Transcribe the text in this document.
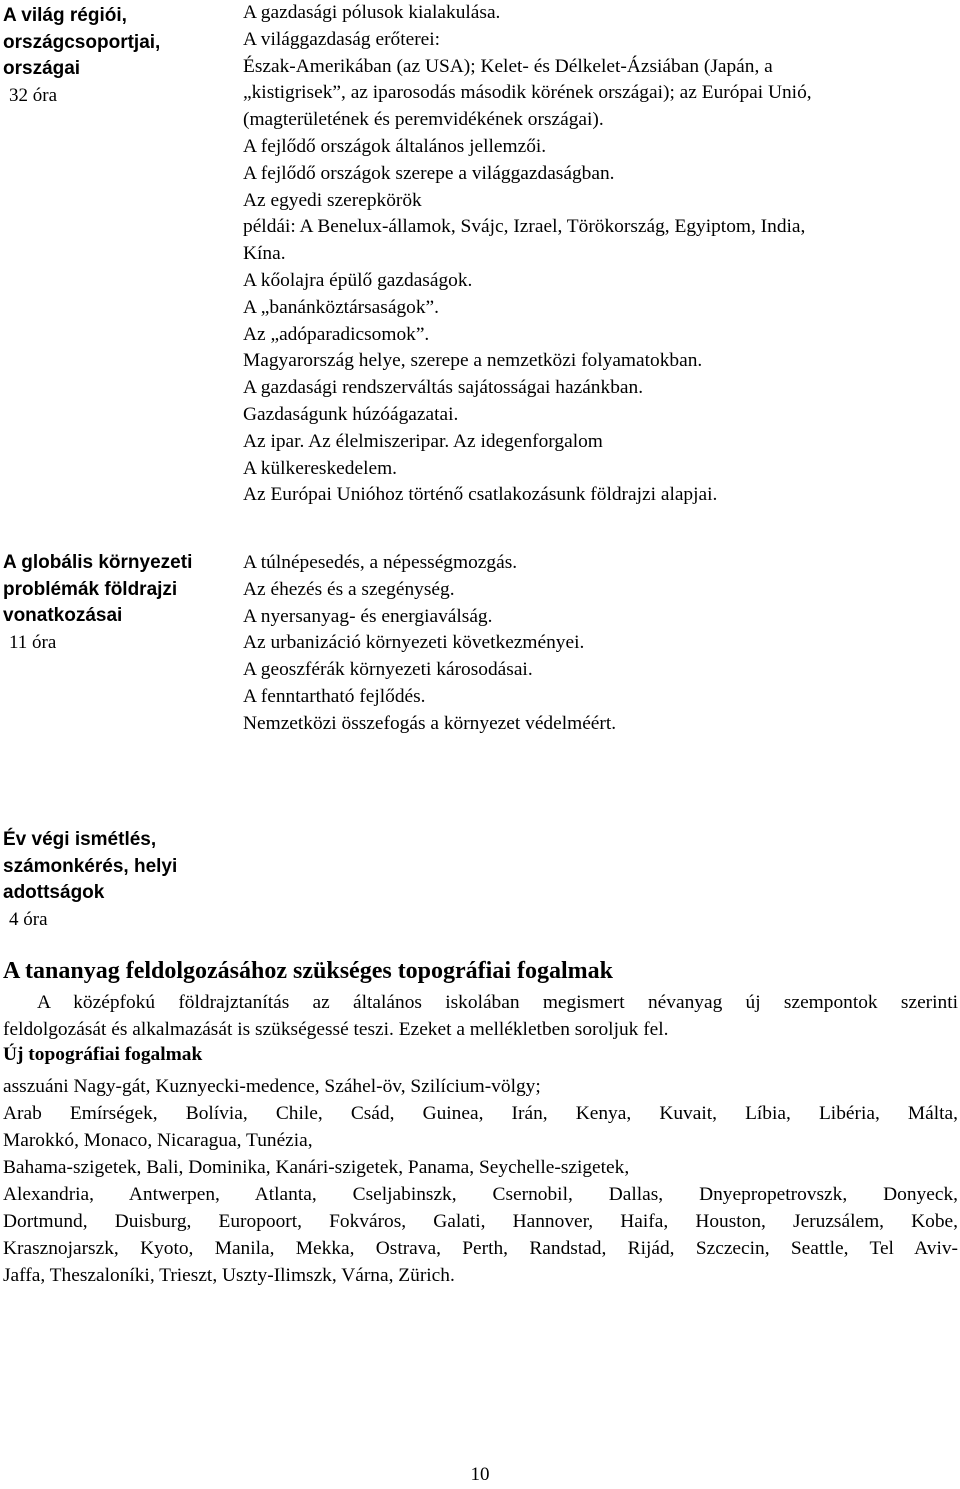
A világ régiói,
országcsoportjai,
országai
32 óra
A gazdasági pólusok kialakulása.
A világgazdaság erőterei:
Észak-Amerikában (az USA); Kelet- és Délkelet-Ázsiában (Japán, a
„kistigrisek”, az iparosodás második körének országai); az Európai Unió,
(magterületének és peremvidékének országai).
A fejlődő országok általános jellemzői.
A fejlődő országok szerepe a világgazdaságban.
Az egyedi szerepkörök
példái: A Benelux-államok, Svájc, Izrael, Törökország, Egyiptom, India,
Kína.
A kőolajra épülő gazdaságok.
A „banánköztársaságok”.
Az „adóparadicsomok”.
Magyarország helye, szerepe a nemzetközi folyamatokban.
A gazdasági rendszerváltás sajátosságai hazánkban.
Gazdaságunk húzóágazatai.
Az ipar. Az élelmiszeripar. Az idegenforgalom
A külkereskedelem.
Az Európai Unióhoz történő csatlakozásunk földrajzi alapjai.
A globális környezeti
problémák földrajzi
vonatkozásai
11 óra
A túlnépesedés, a népességmozgás.
Az éhezés és a szegénység.
A nyersanyag- és energiaválság.
Az urbanizáció környezeti következményei.
A geoszférák környezeti károsodásai.
A fenntartható fejlődés.
Nemzetközi összefogás a környezet védelméért.
Év végi ismétlés,
számonkérés, helyi
adottságok
4 óra
A tananyag feldolgozásához szükséges topográfiai fogalmak
A középfokú földrajztanítás az általános iskolában megismert névanyag új szempontok szerinti
feldolgozását és alkalmazását is szükségessé teszi. Ezeket a mellékletben soroljuk fel.
Új topográfiai fogalmak
asszuáni Nagy-gát, Kuznyecki-medence, Száhel-öv, Szilícium-völgy;
Arab Emírségek, Bolívia, Chile, Csád, Guinea, Irán, Kenya, Kuvait, Líbia, Libéria, Málta,
Marokkó, Monaco, Nicaragua, Tunézia,
Bahama-szigetek, Bali, Dominika, Kanári-szigetek, Panama, Seychelle-szigetek,
Alexandria, Antwerpen, Atlanta, Cseljabinszk, Csernobil, Dallas, Dnyepropetrovszk, Donyeck,
Dortmund, Duisburg, Europoort, Fokváros, Galati, Hannover, Haifa, Houston, Jeruzsálem, Kobe,
Krasznojarszk, Kyoto, Manila, Mekka, Ostrava, Perth, Randstad, Rijád, Szczecin, Seattle, Tel Aviv-
Jaffa, Theszaloníki, Trieszt, Uszty-Ilimszk, Várna, Zürich.
10
